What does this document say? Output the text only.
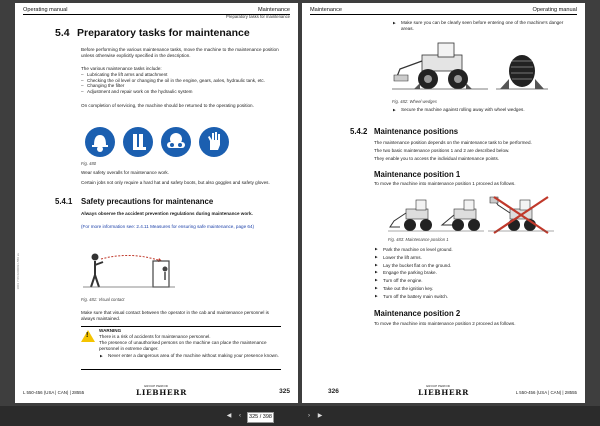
Operating manual	Maintenance
Preparatory tasks for maintenance
1001 7 06 02/0009 L550 ev
5.4 Preparatory tasks for maintenance
Before performing the various maintenance tasks, move the machine to the maintenance position unless otherwise explicitly specified in the description.
The various maintenance tasks include:
– Lubricating the lift arms and attachment
– Checking the oil level or changing the oil in the engine, gears, axles, hydraulic tank, etc.
– Changing the filter
– Adjustment and repair work on the hydraulic system
On completion of servicing, the machine should be returned to the operating position.
Fig. 480
Wear safety overalls for maintenance work.
Certain jobs not only require a hard hat and safety boots, but also goggles and safety gloves.
5.4.1 Safety precautions for maintenance
Always observe the accident prevention regulations during maintenance work.
(For more information see: 2.4.11 Measures for ensuring safe maintenance, page 64)
Fig. 481: Visual contact
Make sure that visual contact between the operator in the cab and maintenance personnel is always maintained.
!
WARNING
There is a risk of accidents for maintenance personnel.
The presence of unauthorised persons on the machine can place the maintenance personnel in extreme danger.
▶ Never enter a dangerous area of the machine without making your presence known.
L 550-456 (USA | CAN) | 28555
GROUP PERIOD
LIEBHERR	325
Maintenance	Operating manual
▶ Make sure you can be clearly seen before entering one of the machine's danger areas.
Fig. 482: Wheel wedges
▶ Secure the machine against rolling away with wheel wedges.
5.4.2 Maintenance positions
The maintenance position depends on the maintenance task to be performed.
The two basic maintenance positions 1 and 2 are described below.
They enable you to access the individual maintenance points.
Maintenance position 1
To move the machine into maintenance position 1 proceed as follows.
Fig. 483: Maintenance position 1
▶ Park the machine on level ground.
▶ Lower the lift arms.
▶ Lay the bucket flat on the ground.
▶ Engage the parking brake.
▶ Turn off the engine.
▶ Take out the ignition key.
▶ Turn off the battery main switch.
Maintenance position 2
To move the machine into maintenance position 2 proceed as follows.
326
GROUP PERIOD
LIEBHERR	L 550-456 (USA | CAN) | 28555
◀	‹	325 / 398	›	▶
